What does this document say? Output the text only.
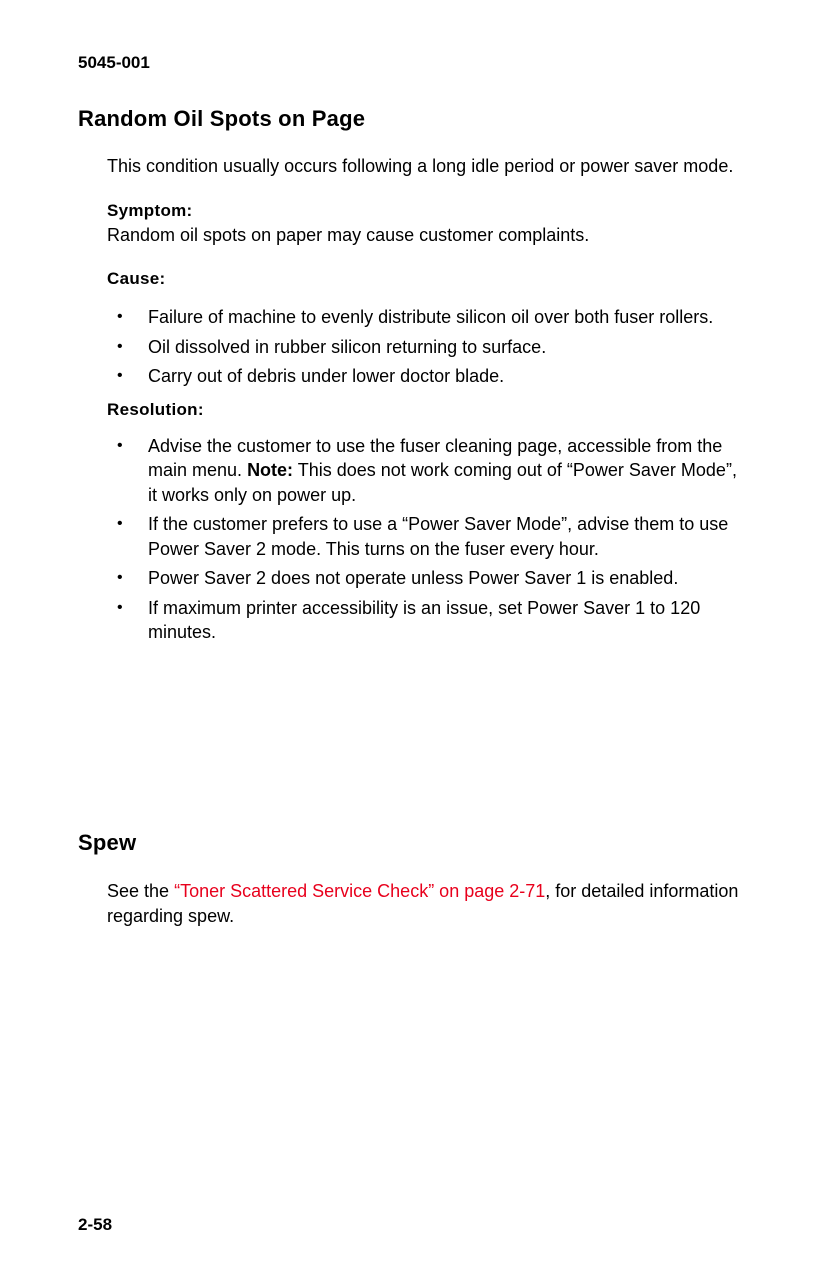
5045-001
Random Oil Spots on Page

This condition usually occurs following a long idle period or power saver mode.

Symptom:

Random oil spots on paper may cause customer complaints.

Cause:

• Failure of machine to evenly distribute silicon oil over both fuser rollers.
• Oil dissolved in rubber silicon returning to surface.
• Carry out of debris under lower doctor blade.

Resolution:

• Advise the customer to use the fuser cleaning page, accessible from the main menu. Note: This does not work coming out of “Power Saver Mode”, it works only on power up.
• If the customer prefers to use a “Power Saver Mode”, advise them to use Power Saver 2 mode. This turns on the fuser every hour.
• Power Saver 2 does not operate unless Power Saver 1 is enabled.
• If maximum printer accessibility is an issue, set Power Saver 1 to 120 minutes.
Spew

See the “Toner Scattered Service Check” on page 2-71, for detailed information regarding spew.

2-58
